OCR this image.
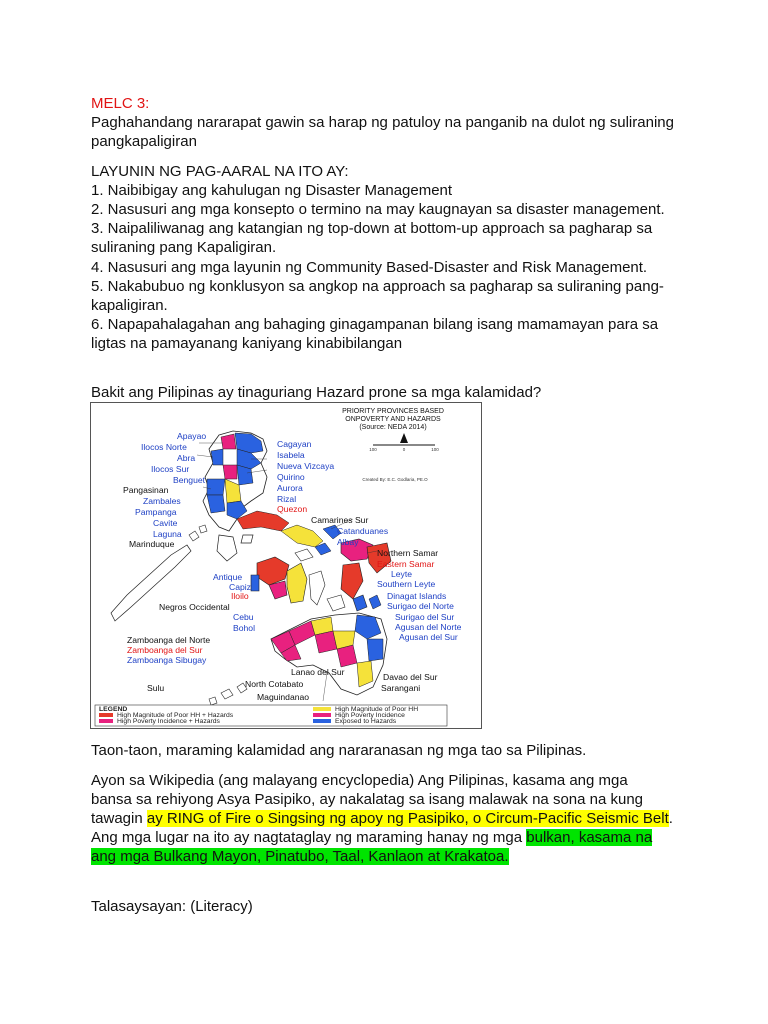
MELC 3:

Paghahandang nararapat gawin sa harap ng patuloy na panganib na dulot ng suliraning

pangkapaligiran

LAYUNIN NG PAG-AARAL NA ITO AY:

1. Naibibigay ang kahulugan ng Disaster Management

2. Nasusuri ang mga konsepto o termino na may kaugnayan sa disaster management.

3. Naipaliliwanag ang katangian ng top-down at bottom-up approach sa pagharap sa

suliraning pang Kapaligiran.

4. Nasusuri ang mga layunin ng Community Based-Disaster and Risk Management.

5. Nakabubuo ng konklusyon sa angkop na approach sa pagharap sa suliraning pang-

kapaligiran.

6. Napapahalagahan ang bahaging ginagampanan bilang isang mamamayan para sa

ligtas na pamayanang kaniyang kinabibilangan

Bakit ang Pilipinas ay tinaguriang Hazard prone sa mga kalamidad?

Taon-taon, maraming kalamidad ang nararanasan ng mga tao sa Pilipinas.

Ayon sa Wikipedia (ang malayang encyclopedia) Ang Pilipinas, kasama ang mga

bansa sa rehiyong Asya Pasipiko, ay nakalatag sa isang malawak na sona na kung

tawagin ay RING of Fire o Singsing ng apoy ng Pasipiko, o Circum-Pacific Seismic Belt.

Ang mga lugar na ito ay nagtataglay ng maraming hanay ng mga bulkan, kasama na

ang mga Bulkang Mayon, Pinatubo, Taal, Kanlaon at Krakatoa.

Talasaysayan: (Literacy)

PRIORITY PROVINCES BASED
ONPOVERTY AND HAZARDS
(Source: NEDA 2014)
100	0	100
Created By: E.C. Godlaria, PE.O
Apayao
Ilocos Norte
Abra
Ilocos Sur
Benguet
Pangasinan
Zambales
Pampanga
Cavite
Laguna
Marinduque
Cagayan
Isabela
Nueva Vizcaya
Quirino
Aurora
Rizal
Quezon
Camarines Sur
Catanduanes
Albay
Northern Samar
Eastern Samar
Leyte
Southern Leyte
Antique
Capiz
Iloilo
Negros Occidental
Cebu
Bohol
Dinagat Islands
Surigao del Norte
Surigao del Sur
Agusan del Norte
Agusan del Sur
Zamboanga del Norte
Zamboanga del Sur
Zamboanga Sibugay
Sulu
Lanao del Sur
North Cotabato
Maguindanao
Davao del Sur
Sarangani
LEGEND
High Magnitude of Poor HH + Hazards
High Poverty Incidence + Hazards
High Magnitude of Poor HH
High Poverty Incidence
Exposed to Hazards
